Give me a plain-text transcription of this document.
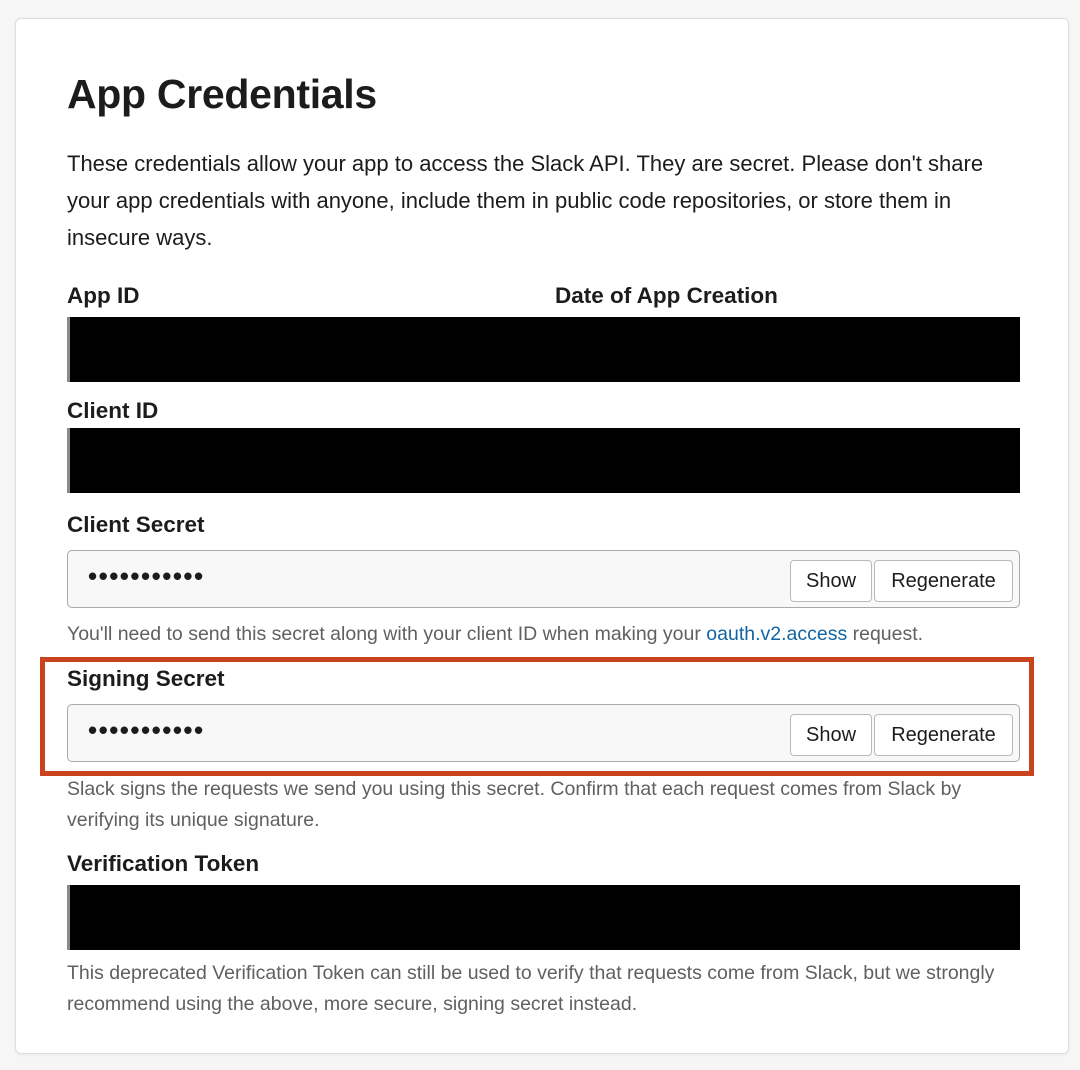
App Credentials

These credentials allow your app to access the Slack API. They are secret. Please don't share your app credentials with anyone, include them in public code repositories, or store them in insecure ways.

App ID	Date of App Creation
Client ID
Client Secret
•••••••••••	Show	Regenerate

You'll need to send this secret along with your client ID when making your oauth.v2.access request.

Signing Secret
•••••••••••	Show	Regenerate

Slack signs the requests we send you using this secret. Confirm that each request comes from Slack by verifying its unique signature.

Verification Token

This deprecated Verification Token can still be used to verify that requests come from Slack, but we strongly recommend using the above, more secure, signing secret instead.
